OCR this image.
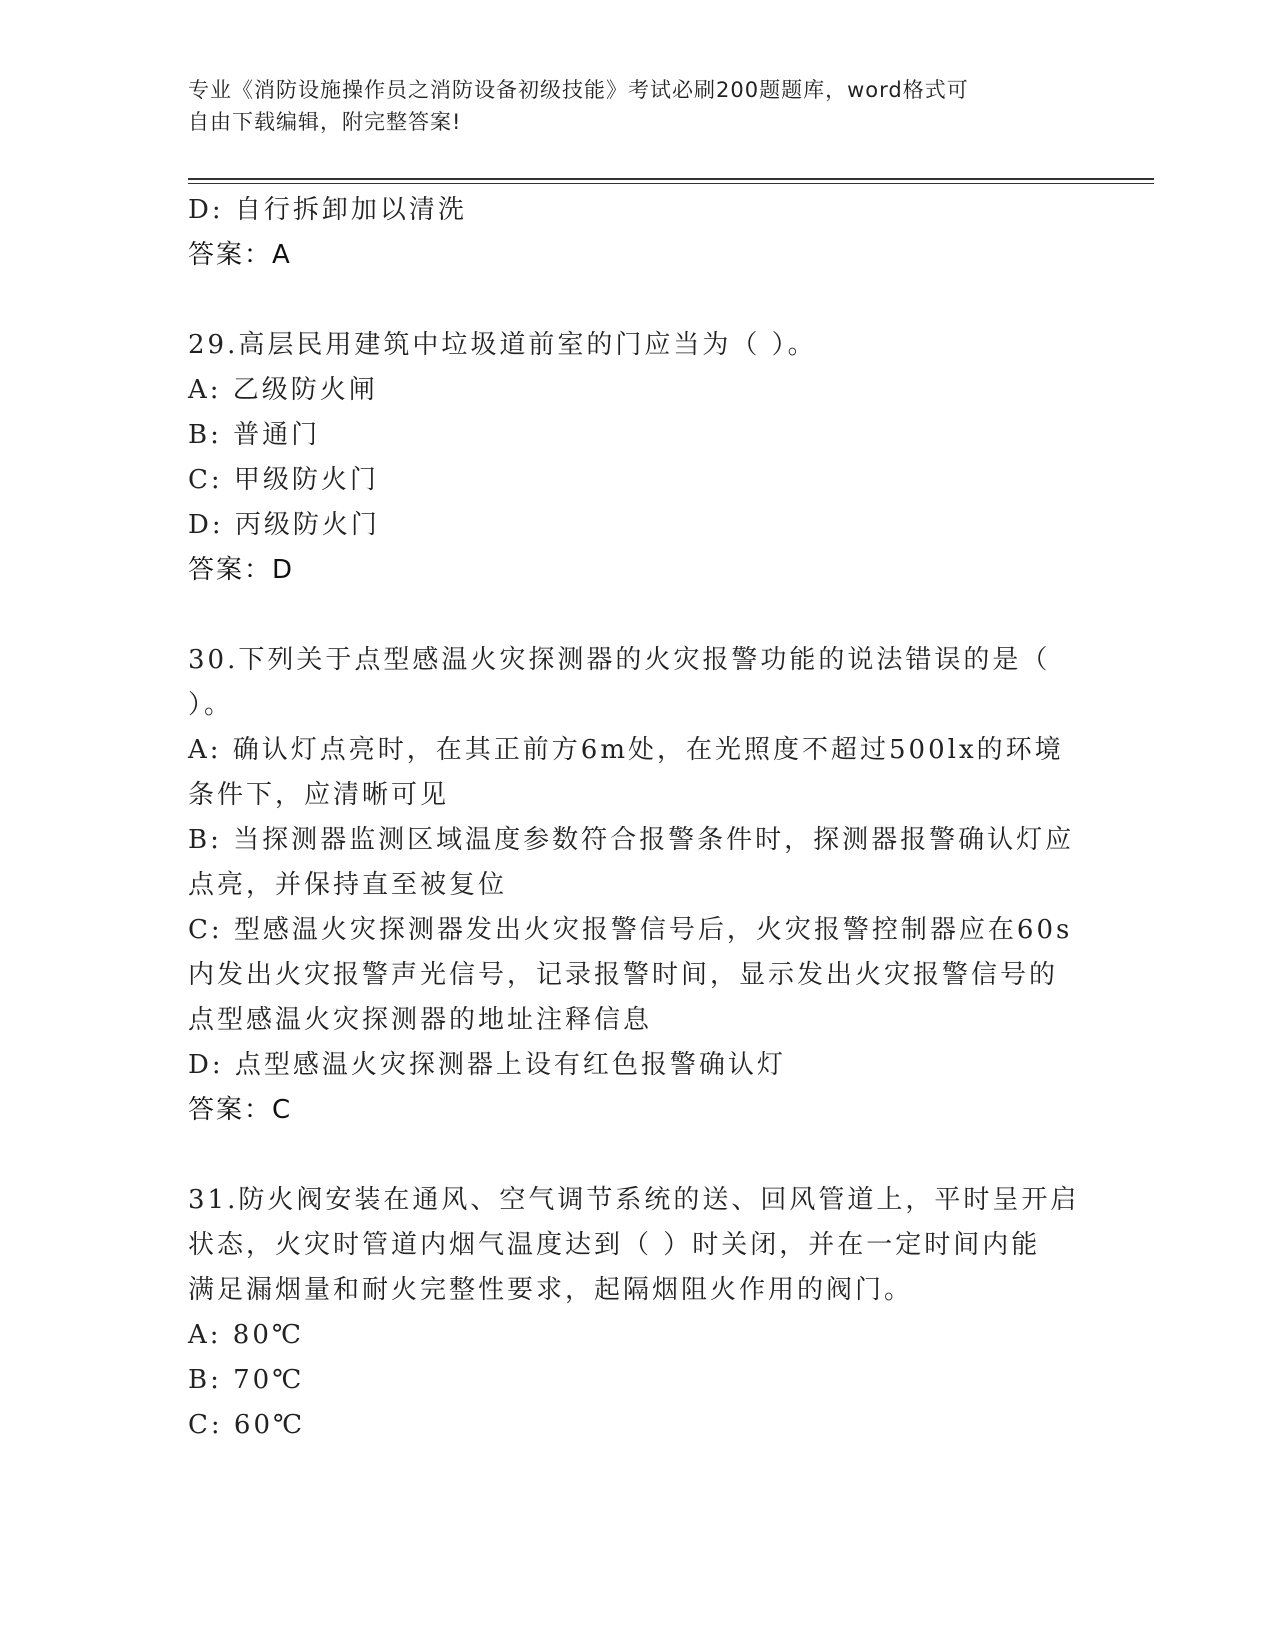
专业《消防设施操作员之消防设备初级技能》考试必刷200题题库，word格式可
自由下载编辑，附完整答案!
D: 自行拆卸加以清洗
答案：A
29.高层民用建筑中垃圾道前室的门应当为（ ）。
A: 乙级防火闸
B: 普通门
C: 甲级防火门
D: 丙级防火门
答案：D
30.下列关于点型感温火灾探测器的火灾报警功能的说法错误的是（
）。
A: 确认灯点亮时，在其正前方6m处，在光照度不超过500lx的环境
条件下，应清晰可见
B: 当探测器监测区域温度参数符合报警条件时，探测器报警确认灯应
点亮，并保持直至被复位
C: 型感温火灾探测器发出火灾报警信号后，火灾报警控制器应在60s
内发出火灾报警声光信号，记录报警时间，显示发出火灾报警信号的
点型感温火灾探测器的地址注释信息
D: 点型感温火灾探测器上设有红色报警确认灯
答案：C
31.防火阀安装在通风、空气调节系统的送、回风管道上，平时呈开启
状态，火灾时管道内烟气温度达到（ ）时关闭，并在一定时间内能
满足漏烟量和耐火完整性要求，起隔烟阻火作用的阀门。
A: 80℃
B: 70℃
C: 60℃
